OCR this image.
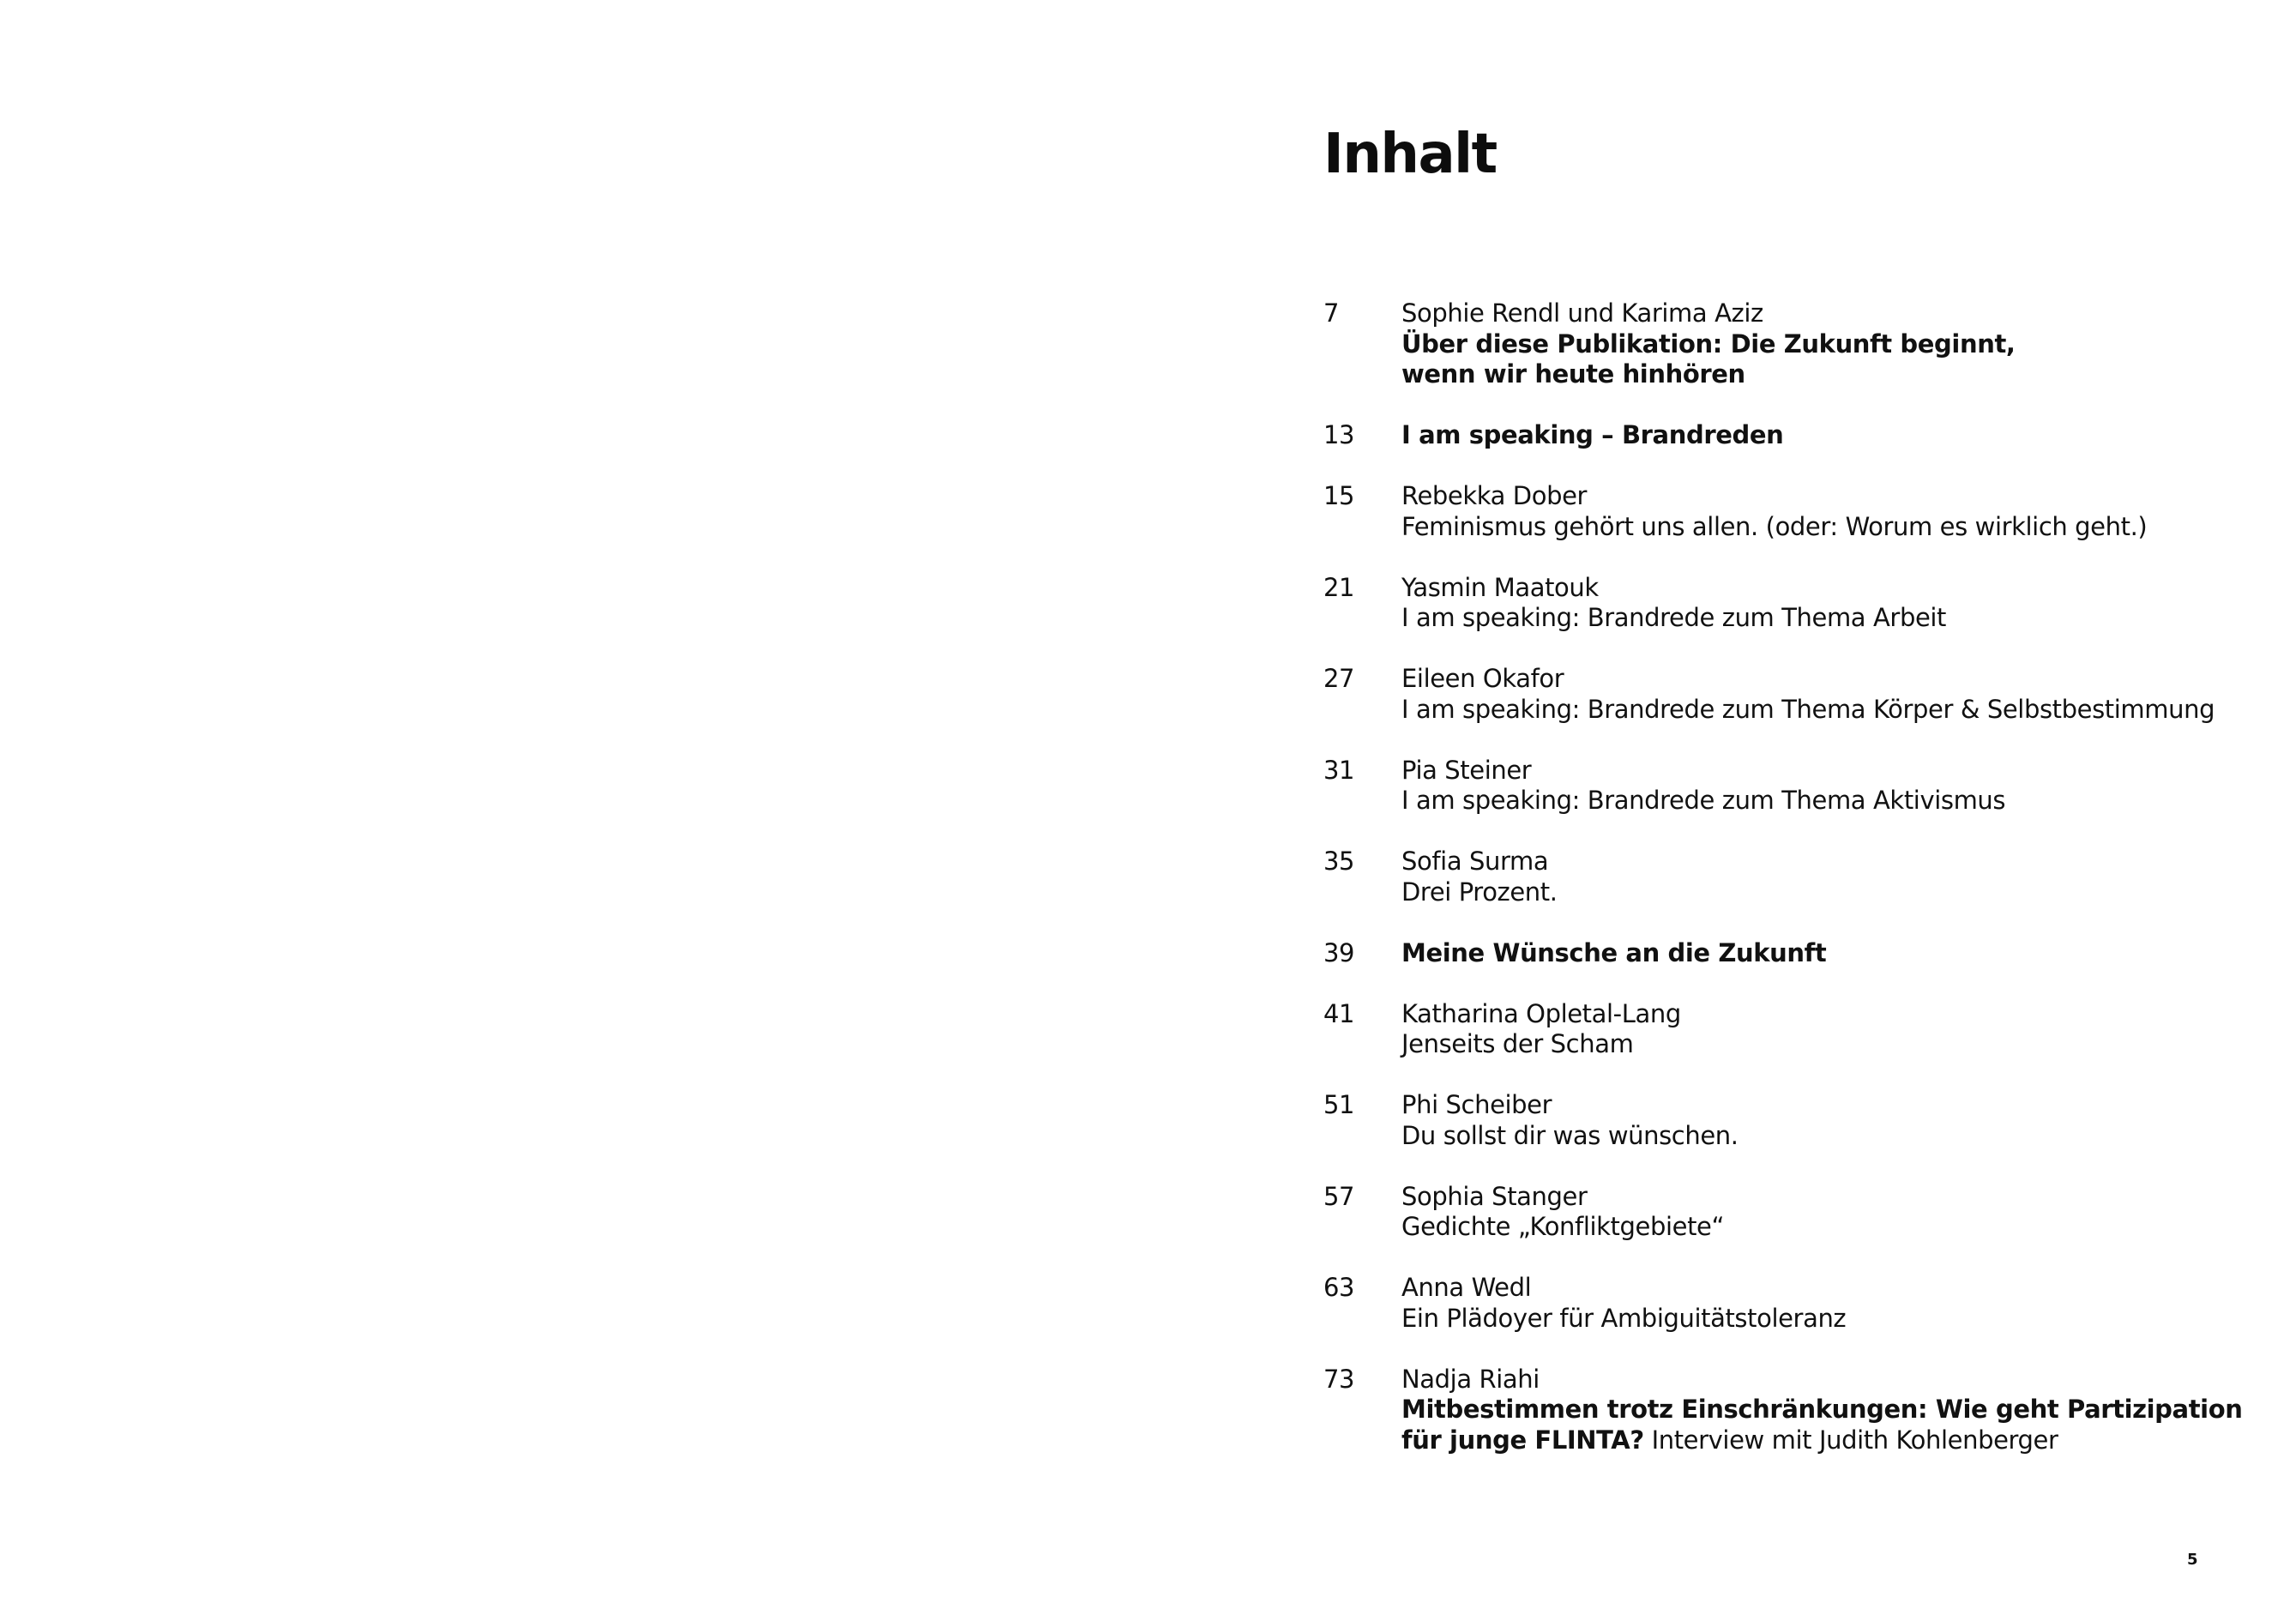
Inhalt
7	Sophie Rendl und Karima Aziz
Über diese Publikation: Die Zukunft beginnt,
wenn wir heute hinhören
13	I am speaking – Brandreden
15	Rebekka Dober
Feminismus gehört uns allen. (oder: Worum es wirklich geht.)
21	Yasmin Maatouk
I am speaking: Brandrede zum Thema Arbeit
27	Eileen Okafor
I am speaking: Brandrede zum Thema Körper & Selbstbestimmung
31	Pia Steiner
I am speaking: Brandrede zum Thema Aktivismus
35	Sofia Surma
Drei Prozent.
39	Meine Wünsche an die Zukunft
41	Katharina Opletal-Lang
Jenseits der Scham
51	Phi Scheiber
Du sollst dir was wünschen.
57	Sophia Stanger
Gedichte „Konfliktgebiete“
63	Anna Wedl
Ein Plädoyer für Ambiguitätstoleranz
73	Nadja Riahi
Mitbestimmen trotz Einschränkungen: Wie geht Partizipation
für junge FLINTA? Interview mit Judith Kohlenberger
5
